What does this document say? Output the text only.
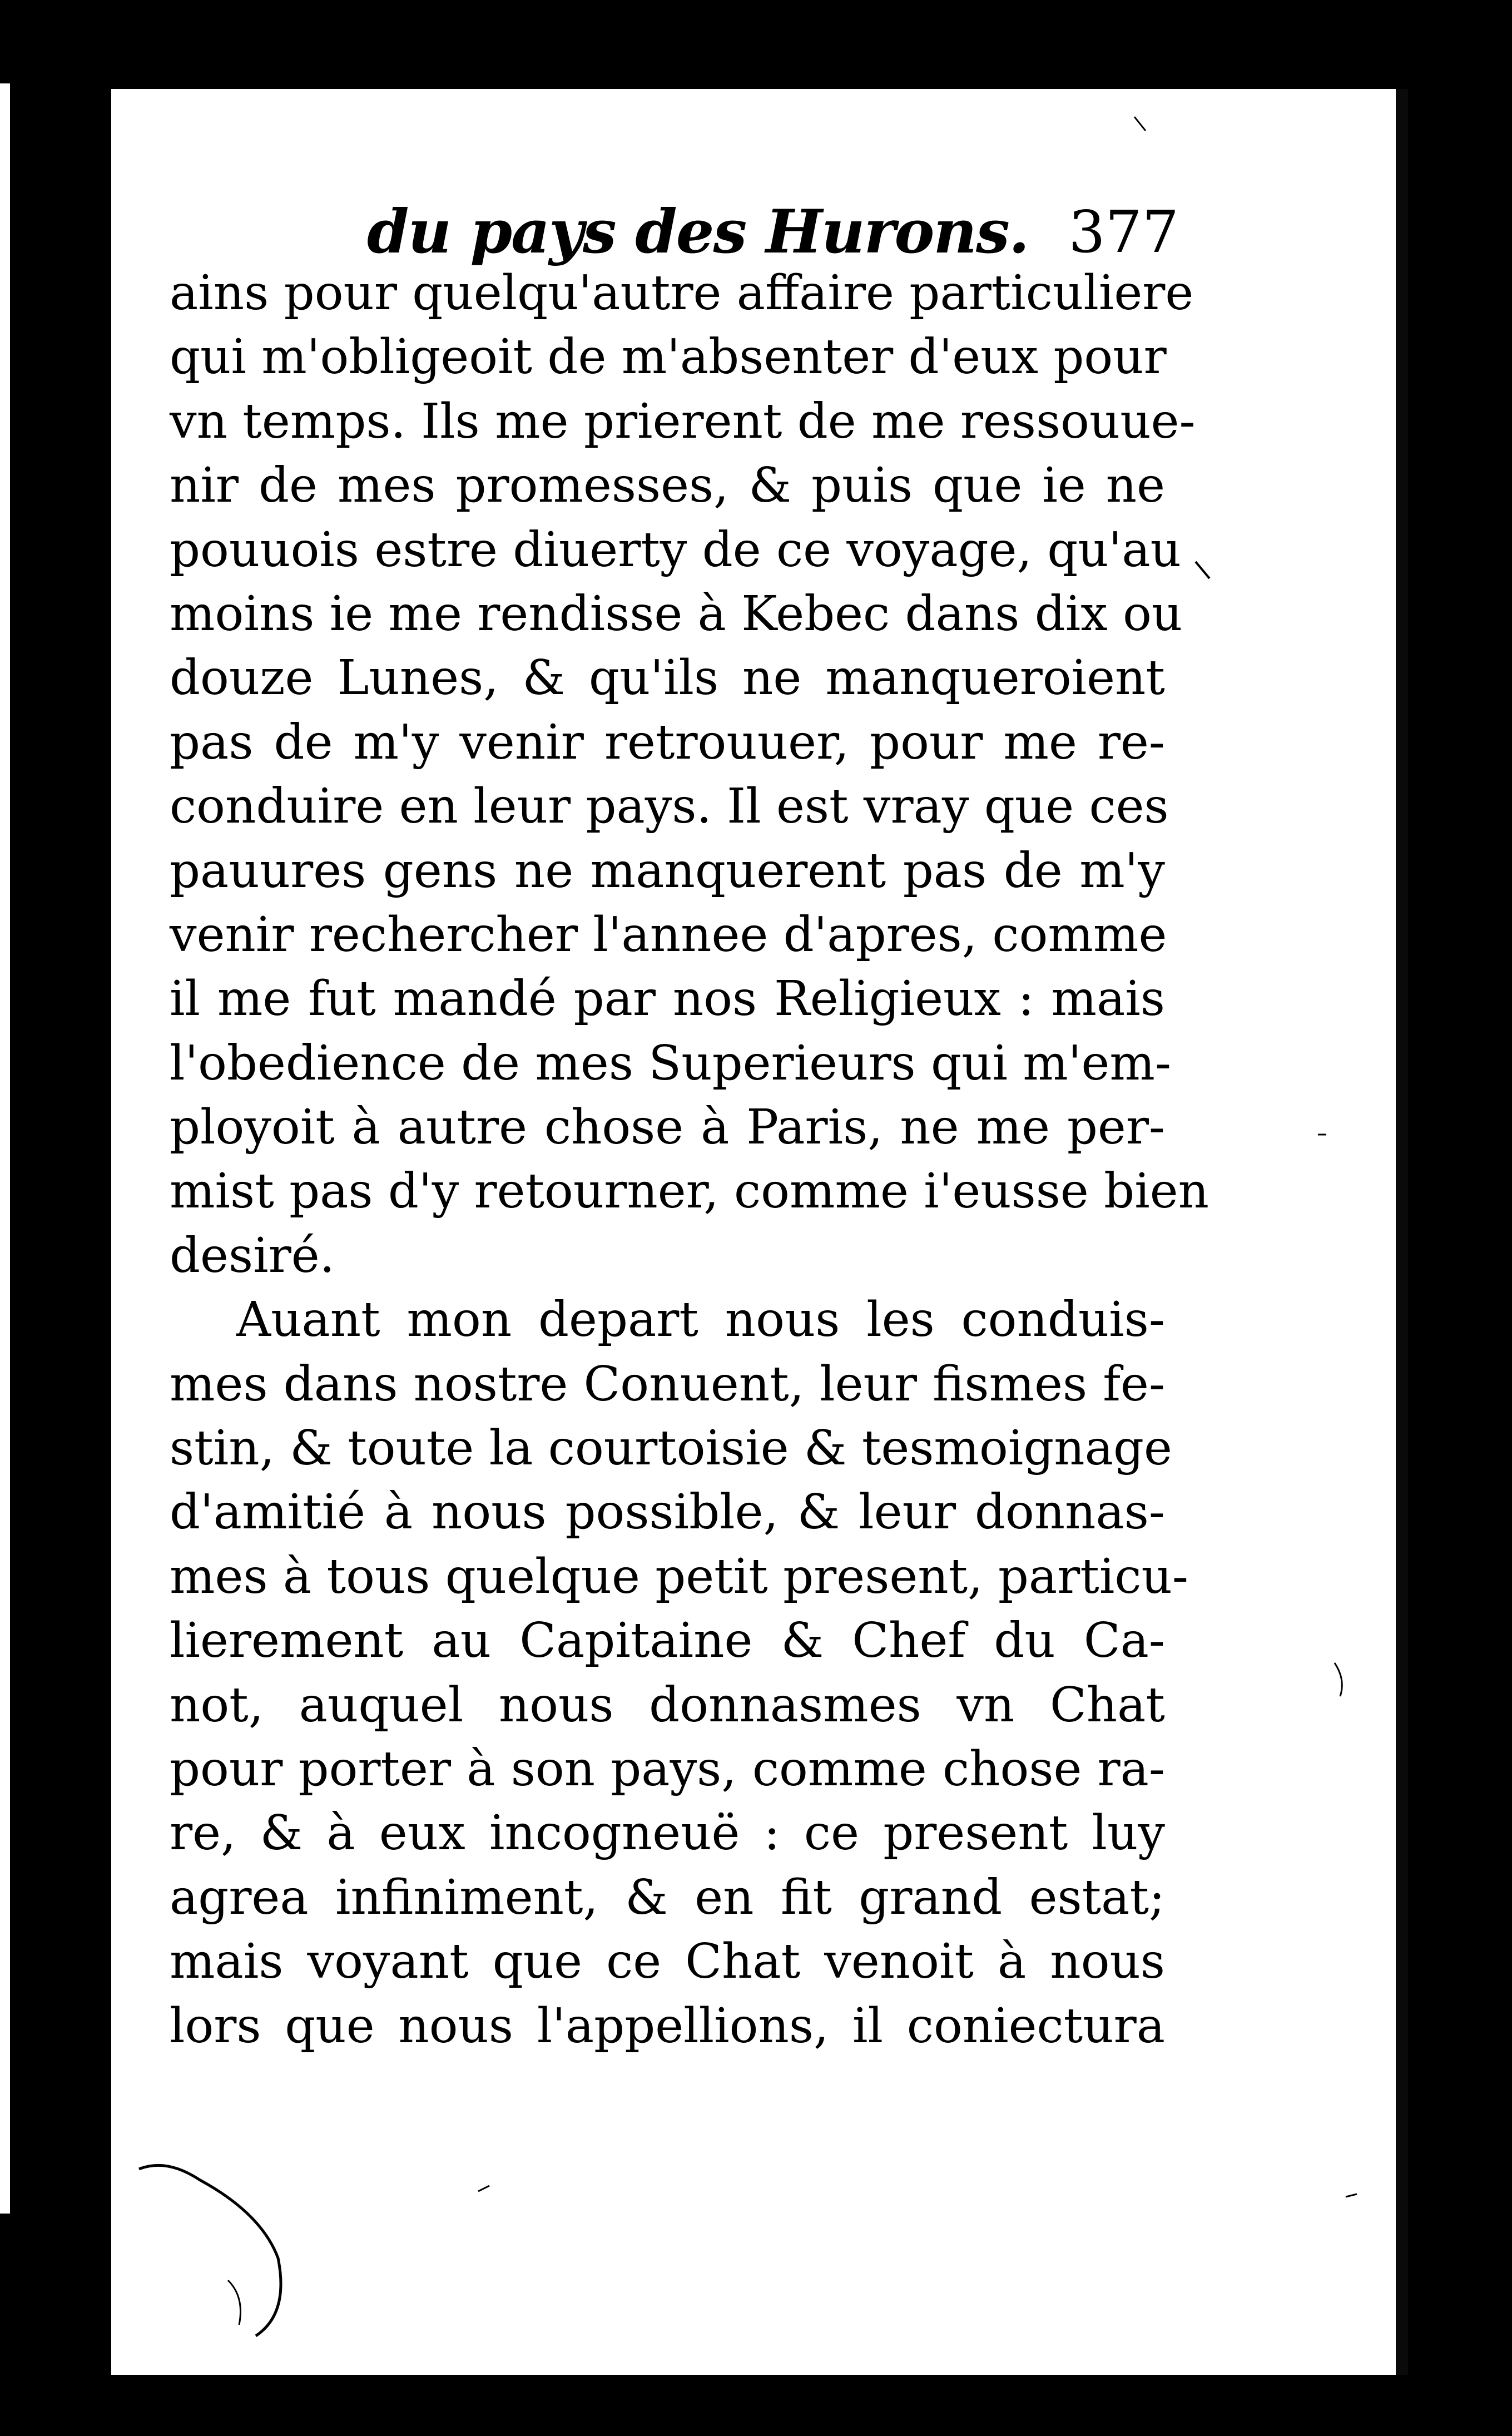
du pays des Hurons. 377
ains pour quelqu'autre affaire particuliere
qui m'obligeoit de m'absenter d'eux pour
vn temps. Ils me prierent de me ressouue-
nir de mes promesses, & puis que ie ne
pouuois estre diuerty de ce voyage, qu'au
moins ie me rendisse à Kebec dans dix ou
douze Lunes, & qu'ils ne manqueroient
pas de m'y venir retrouuer, pour me re-
conduire en leur pays. Il est vray que ces
pauures gens ne manquerent pas de m'y
venir rechercher l'annee d'apres, comme
il me fut mandé par nos Religieux : mais
l'obedience de mes Superieurs qui m'em-
ployoit à autre chose à Paris, ne me per-
mist pas d'y retourner, comme i'eusse bien
desiré.
Auant mon depart nous les conduis-
mes dans nostre Conuent, leur fismes fe-
stin, & toute la courtoisie & tesmoignage
d'amitié à nous possible, & leur donnas-
mes à tous quelque petit present, particu-
lierement au Capitaine & Chef du Ca-
not, auquel nous donnasmes vn Chat
pour porter à son pays, comme chose ra-
re, & à eux incogneuë : ce present luy
agrea infiniment, & en fit grand estat;
mais voyant que ce Chat venoit à nous
lors que nous l'appellions, il coniectura
